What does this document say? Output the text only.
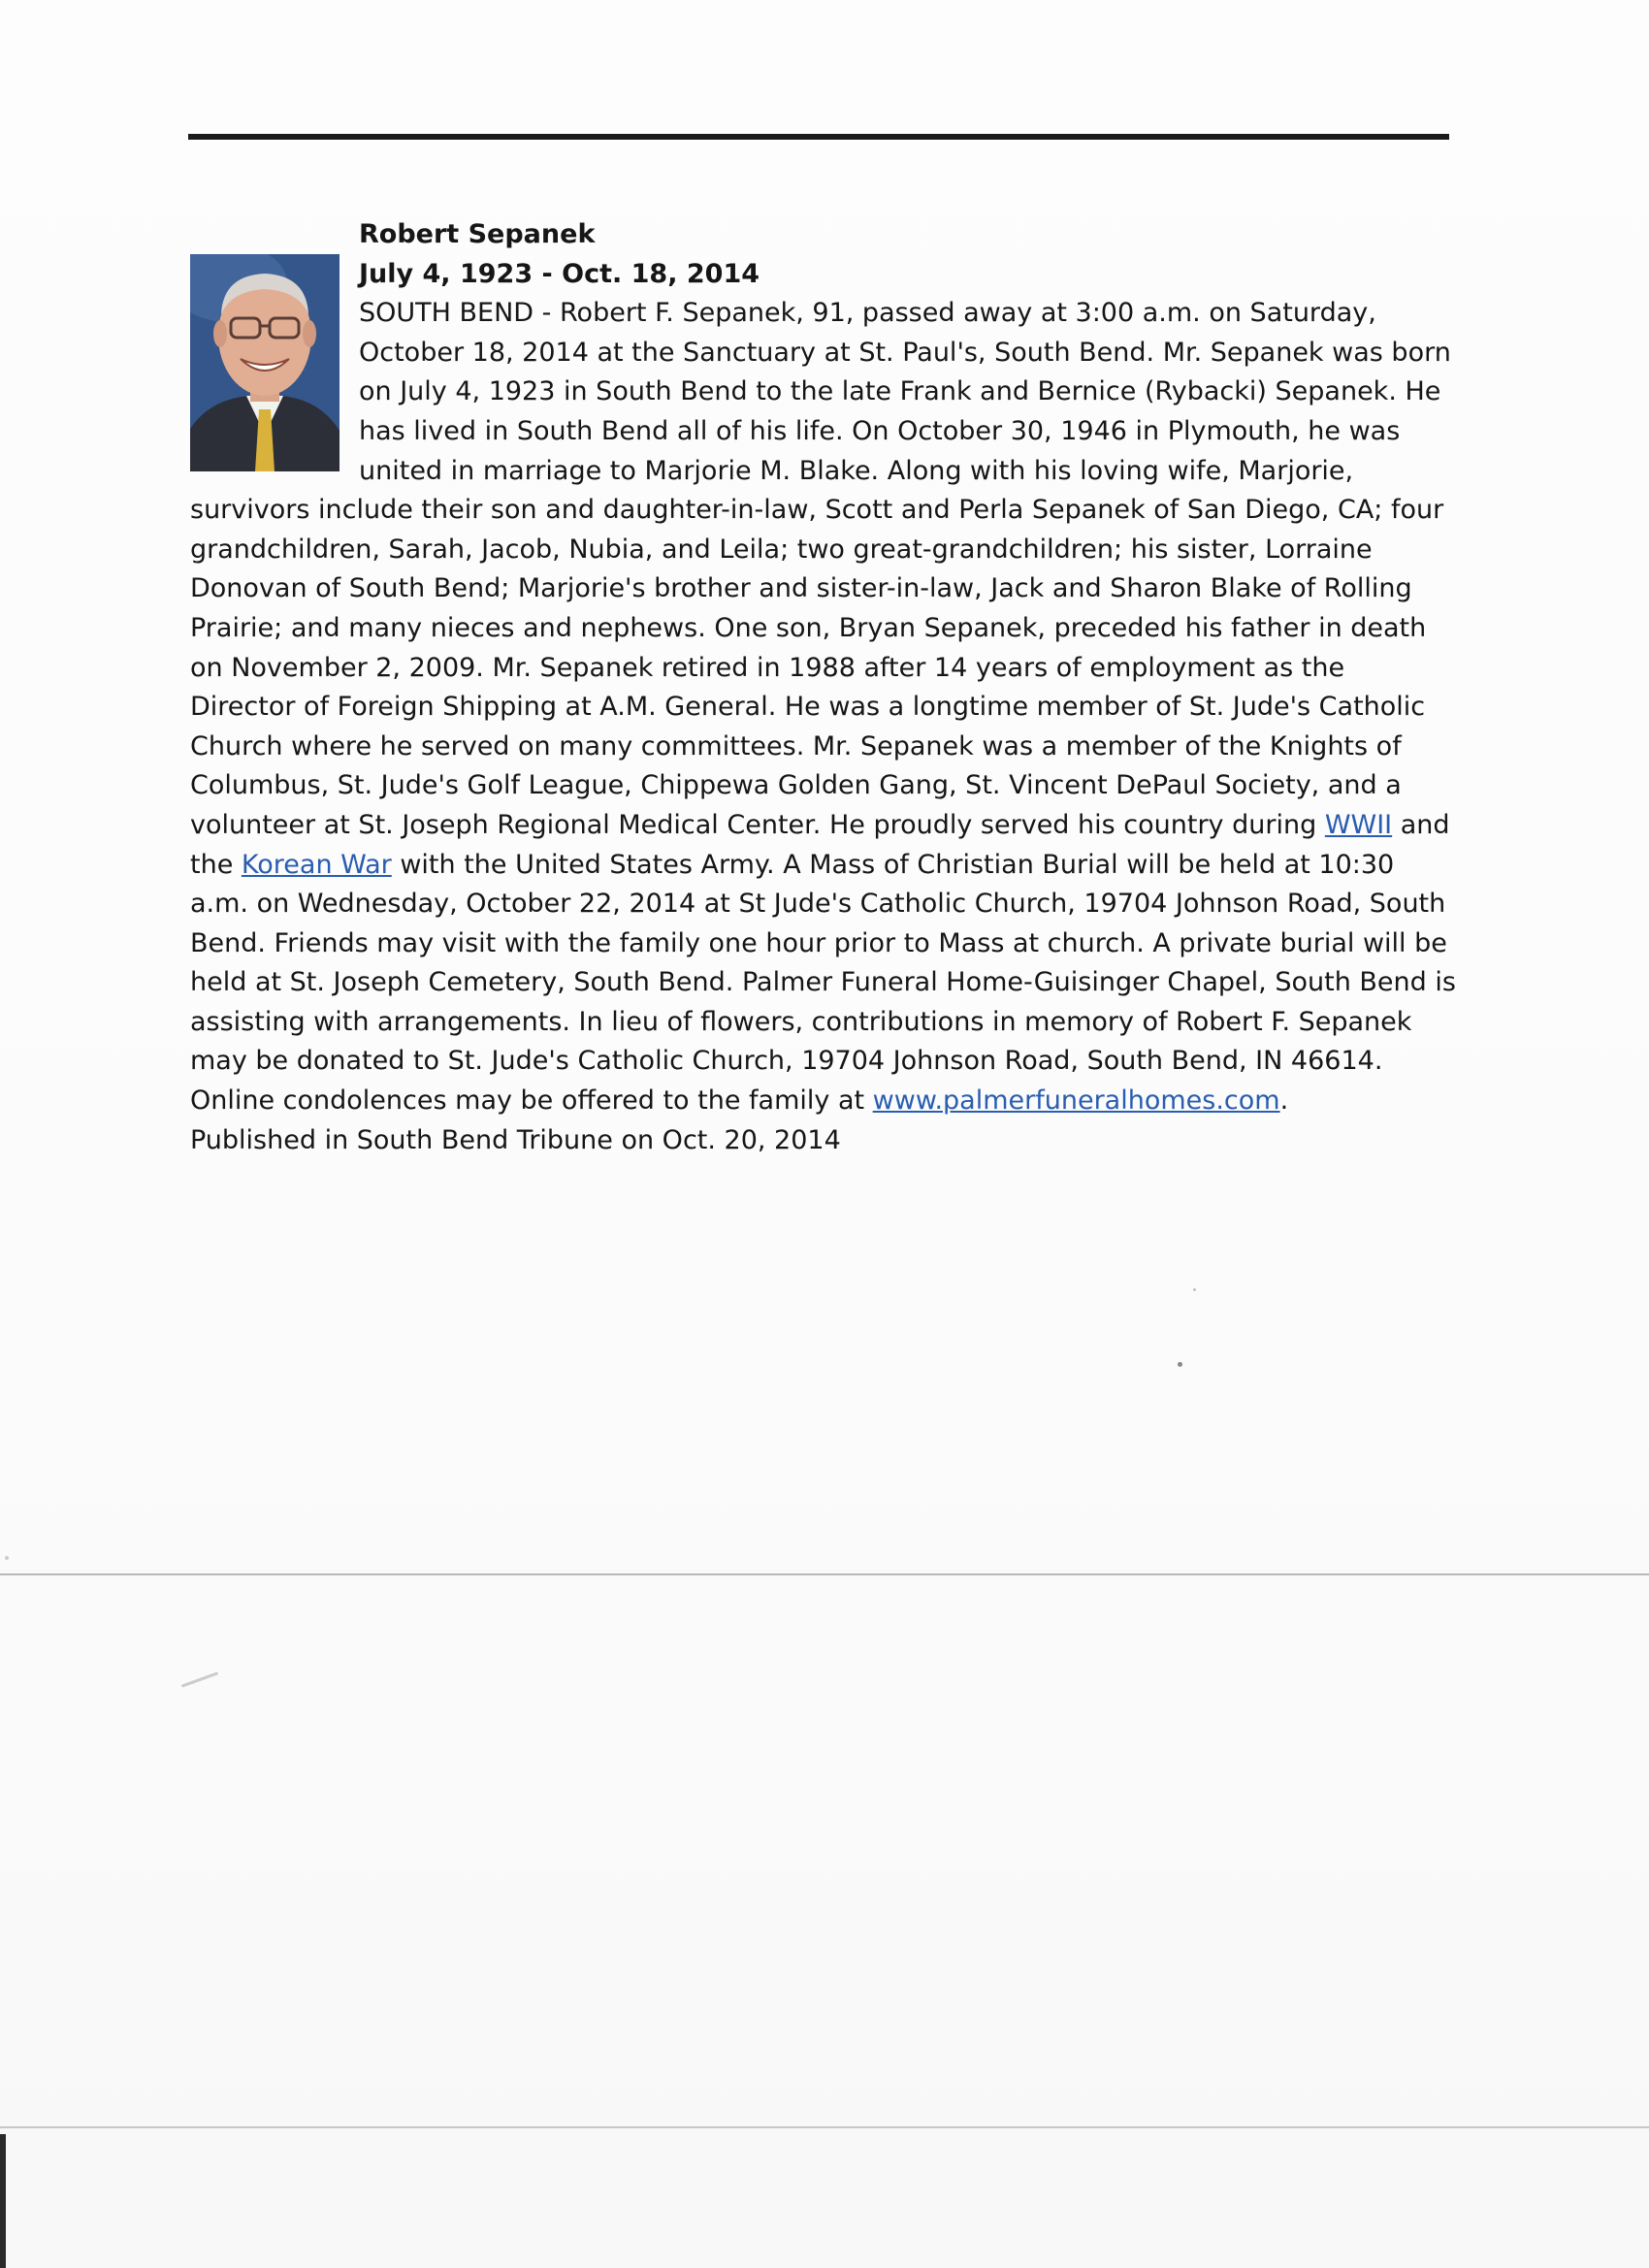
Robert Sepanek
July 4, 1923 - Oct. 18, 2014
SOUTH BEND - Robert F. Sepanek, 91, passed away at 3:00 a.m. on Saturday, October 18, 2014 at the Sanctuary at St. Paul's, South Bend. Mr. Sepanek was born on July 4, 1923 in South Bend to the late Frank and Bernice (Rybacki) Sepanek. He has lived in South Bend all of his life. On October 30, 1946 in Plymouth, he was united in marriage to Marjorie M. Blake. Along with his loving wife, Marjorie, survivors include their son and daughter-in-law, Scott and Perla Sepanek of San Diego, CA; four grandchildren, Sarah, Jacob, Nubia, and Leila; two great-grandchildren; his sister, Lorraine Donovan of South Bend; Marjorie's brother and sister-in-law, Jack and Sharon Blake of Rolling Prairie; and many nieces and nephews. One son, Bryan Sepanek, preceded his father in death on November 2, 2009. Mr. Sepanek retired in 1988 after 14 years of employment as the Director of Foreign Shipping at A.M. General. He was a longtime member of St. Jude's Catholic Church where he served on many committees. Mr. Sepanek was a member of the Knights of Columbus, St. Jude's Golf League, Chippewa Golden Gang, St. Vincent DePaul Society, and a volunteer at St. Joseph Regional Medical Center. He proudly served his country during WWII and the Korean War with the United States Army. A Mass of Christian Burial will be held at 10:30 a.m. on Wednesday, October 22, 2014 at St Jude's Catholic Church, 19704 Johnson Road, South Bend. Friends may visit with the family one hour prior to Mass at church. A private burial will be held at St. Joseph Cemetery, South Bend. Palmer Funeral Home-Guisinger Chapel, South Bend is assisting with arrangements. In lieu of flowers, contributions in memory of Robert F. Sepanek may be donated to St. Jude's Catholic Church, 19704 Johnson Road, South Bend, IN 46614. Online condolences may be offered to the family at www.palmerfuneralhomes.com.
Published in South Bend Tribune on Oct. 20, 2014
